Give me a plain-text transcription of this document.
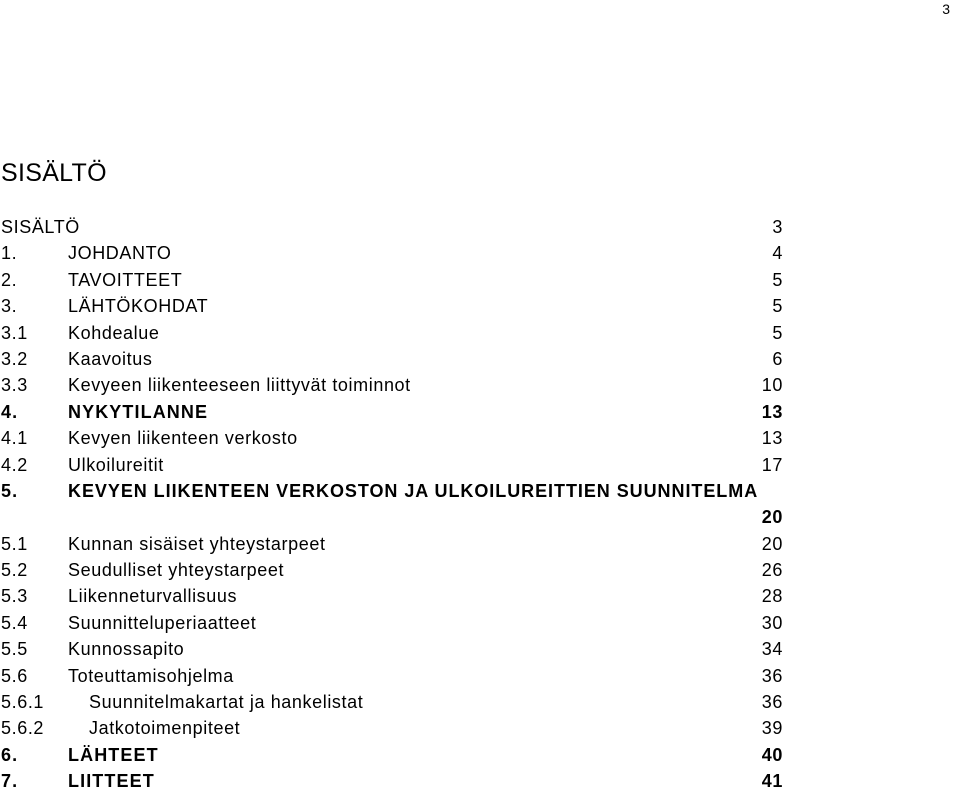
3
SISÄLTÖ
SISÄLTÖ	3
1.	JOHDANTO	4
2.	TAVOITTEET	5
3.	LÄHTÖKOHDAT	5
3.1 Kohdealue	5
3.2 Kaavoitus	6
3.3 Kevyeen liikenteeseen liittyvät toiminnot	10
4.	NYKYTILANNE	13
4.1 Kevyen liikenteen verkosto	13
4.2 Ulkoilureitit	17
5.	KEVYEN LIIKENTEEN VERKOSTON JA ULKOILUREITTIEN SUUNNITELMA
20
5.1 Kunnan sisäiset yhteystarpeet	20
5.2 Seudulliset yhteystarpeet	26
5.3 Liikenneturvallisuus	28
5.4 Suunnitteluperiaatteet	30
5.5 Kunnossapito	34
5.6 Toteuttamisohjelma	36
5.6.1 Suunnitelmakartat ja hankelistat	36
5.6.2 Jatkotoimenpiteet	39
6.	LÄHTEET	40
7.	LIITTEET	41
